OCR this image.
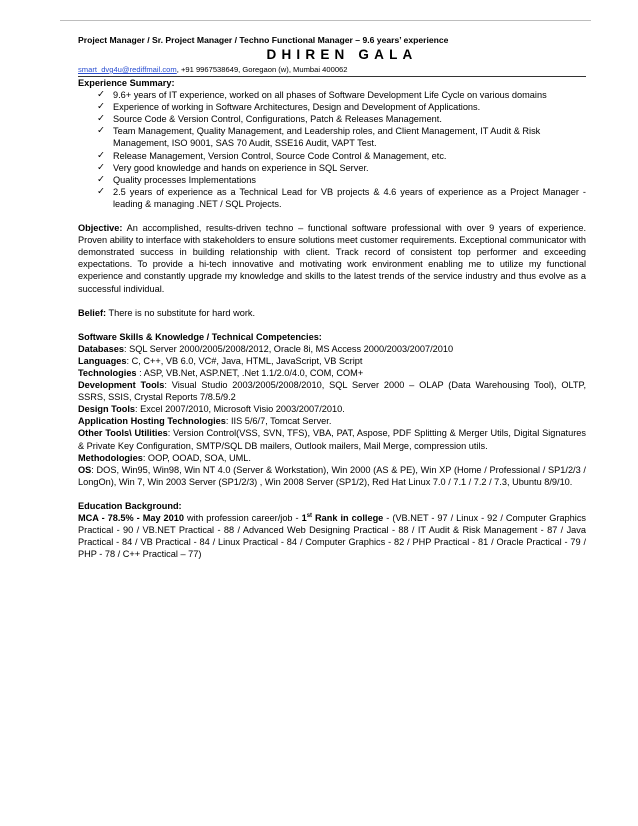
Project Manager / Sr. Project Manager / Techno Functional Manager – 9.6 years’ experience

DHIREN GALA

smart_dvg4u@rediffmail.com, +91 9967538649, Goregaon (w), Mumbai 400062

Experience Summary:

✓ 9.6+ years of IT experience, worked on all phases of Software Development Life Cycle on various domains
✓ Experience of working in Software Architectures, Design and Development of Applications.
✓ Source Code & Version Control, Configurations, Patch & Releases Management.
✓ Team Management, Quality Management, and Leadership roles, and Client Management, IT Audit & Risk Management, ISO 9001, SAS 70 Audit, SSE16 Audit, VAPT Test.
✓ Release Management, Version Control, Source Code Control & Management, etc.
✓ Very good knowledge and hands on experience in SQL Server.
✓ Quality processes Implementations
✓ 2.5 years of experience as a Technical Lead for VB projects & 4.6 years of experience as a Project Manager - leading & managing .NET / SQL Projects.

Objective: An accomplished, results-driven techno – functional software professional with over 9 years of experience. Proven ability to interface with stakeholders to ensure solutions meet customer requirements. Exceptional communicator with demonstrated success in building relationship with client. Track record of consistent top performer and exceeding expectations. To provide a hi-tech innovative and motivating work environment enabling me to utilize my functional experience and constantly upgrade my knowledge and skills to the latest trends of the service industry and thus evolve as a successful individual.

Belief: There is no substitute for hard work.

Software Skills & Knowledge / Technical Competencies:

Databases: SQL Server 2000/2005/2008/2012, Oracle 8i, MS Access 2000/2003/2007/2010

Languages: C, C++, VB 6.0, VC#, Java, HTML, JavaScript, VB Script

Technologies : ASP, VB.Net, ASP.NET, .Net 1.1/2.0/4.0, COM, COM+

Development Tools: Visual Studio 2003/2005/2008/2010, SQL Server 2000 – OLAP (Data Warehousing Tool), OLTP, SSRS, SSIS, Crystal Reports 7/8.5/9.2

Design Tools: Excel 2007/2010, Microsoft Visio 2003/2007/2010.

Application Hosting Technologies: IIS 5/6/7, Tomcat Server.

Other Tools\ Utilities: Version Control(VSS, SVN, TFS), VBA, PAT, Aspose, PDF Splitting & Merger Utils, Digital Signatures & Private Key Configuration, SMTP/SQL DB mailers, Outlook mailers, Mail Merge, compression utils.

Methodologies: OOP, OOAD, SOA, UML.

OS: DOS, Win95, Win98, Win NT 4.0 (Server & Workstation), Win 2000 (AS & PE), Win XP (Home / Professional / SP1/2/3 / LongOn), Win 7, Win 2003 Server (SP1/2/3) , Win 2008 Server (SP1/2), Red Hat Linux 7.0 / 7.1 / 7.2 / 7.3, Ubuntu 8/9/10.

Education Background:

MCA - 78.5% - May 2010 with profession career/job - 1st Rank in college - (VB.NET - 97 / Linux - 92 / Computer Graphics Practical - 90 / VB.NET Practical - 88 / Advanced Web Designing Practical - 88 / IT Audit & Risk Management - 87 / Java Practical - 84 / VB Practical - 84 / Linux Practical - 84 / Computer Graphics - 82 / PHP Practical - 81 / Oracle Practical - 79 / PHP - 78 / C++ Practical – 77)
